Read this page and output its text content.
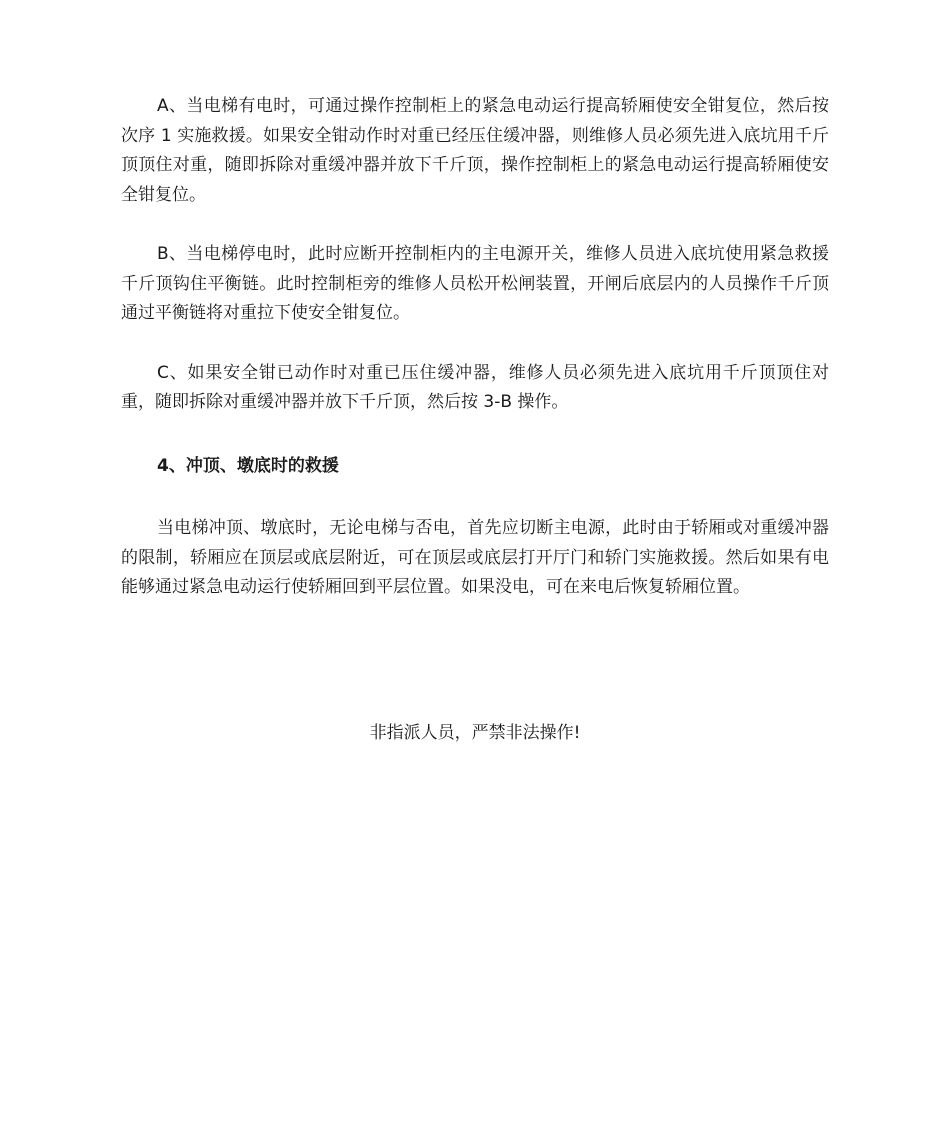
A、当电梯有电时，可通过操作控制柜上的紧急电动运行提高轿厢使安全钳复位，然后按次序 1 实施救援。如果安全钳动作时对重已经压住缓冲器，则维修人员必须先进入底坑用千斤顶顶住对重，随即拆除对重缓冲器并放下千斤顶，操作控制柜上的紧急电动运行提高轿厢使安全钳复位。

B、当电梯停电时，此时应断开控制柜内的主电源开关，维修人员进入底坑使用紧急救援千斤顶钩住平衡链。此时控制柜旁的维修人员松开松闸装置，开闸后底层内的人员操作千斤顶通过平衡链将对重拉下使安全钳复位。

C、如果安全钳已动作时对重已压住缓冲器，维修人员必须先进入底坑用千斤顶顶住对重，随即拆除对重缓冲器并放下千斤顶，然后按 3-B 操作。

4、冲顶、墩底时的救援

当电梯冲顶、墩底时，无论电梯与否电，首先应切断主电源，此时由于轿厢或对重缓冲器的限制，轿厢应在顶层或底层附近，可在顶层或底层打开厅门和轿门实施救援。然后如果有电能够通过紧急电动运行使轿厢回到平层位置。如果没电，可在来电后恢复轿厢位置。

非指派人员，严禁非法操作!
